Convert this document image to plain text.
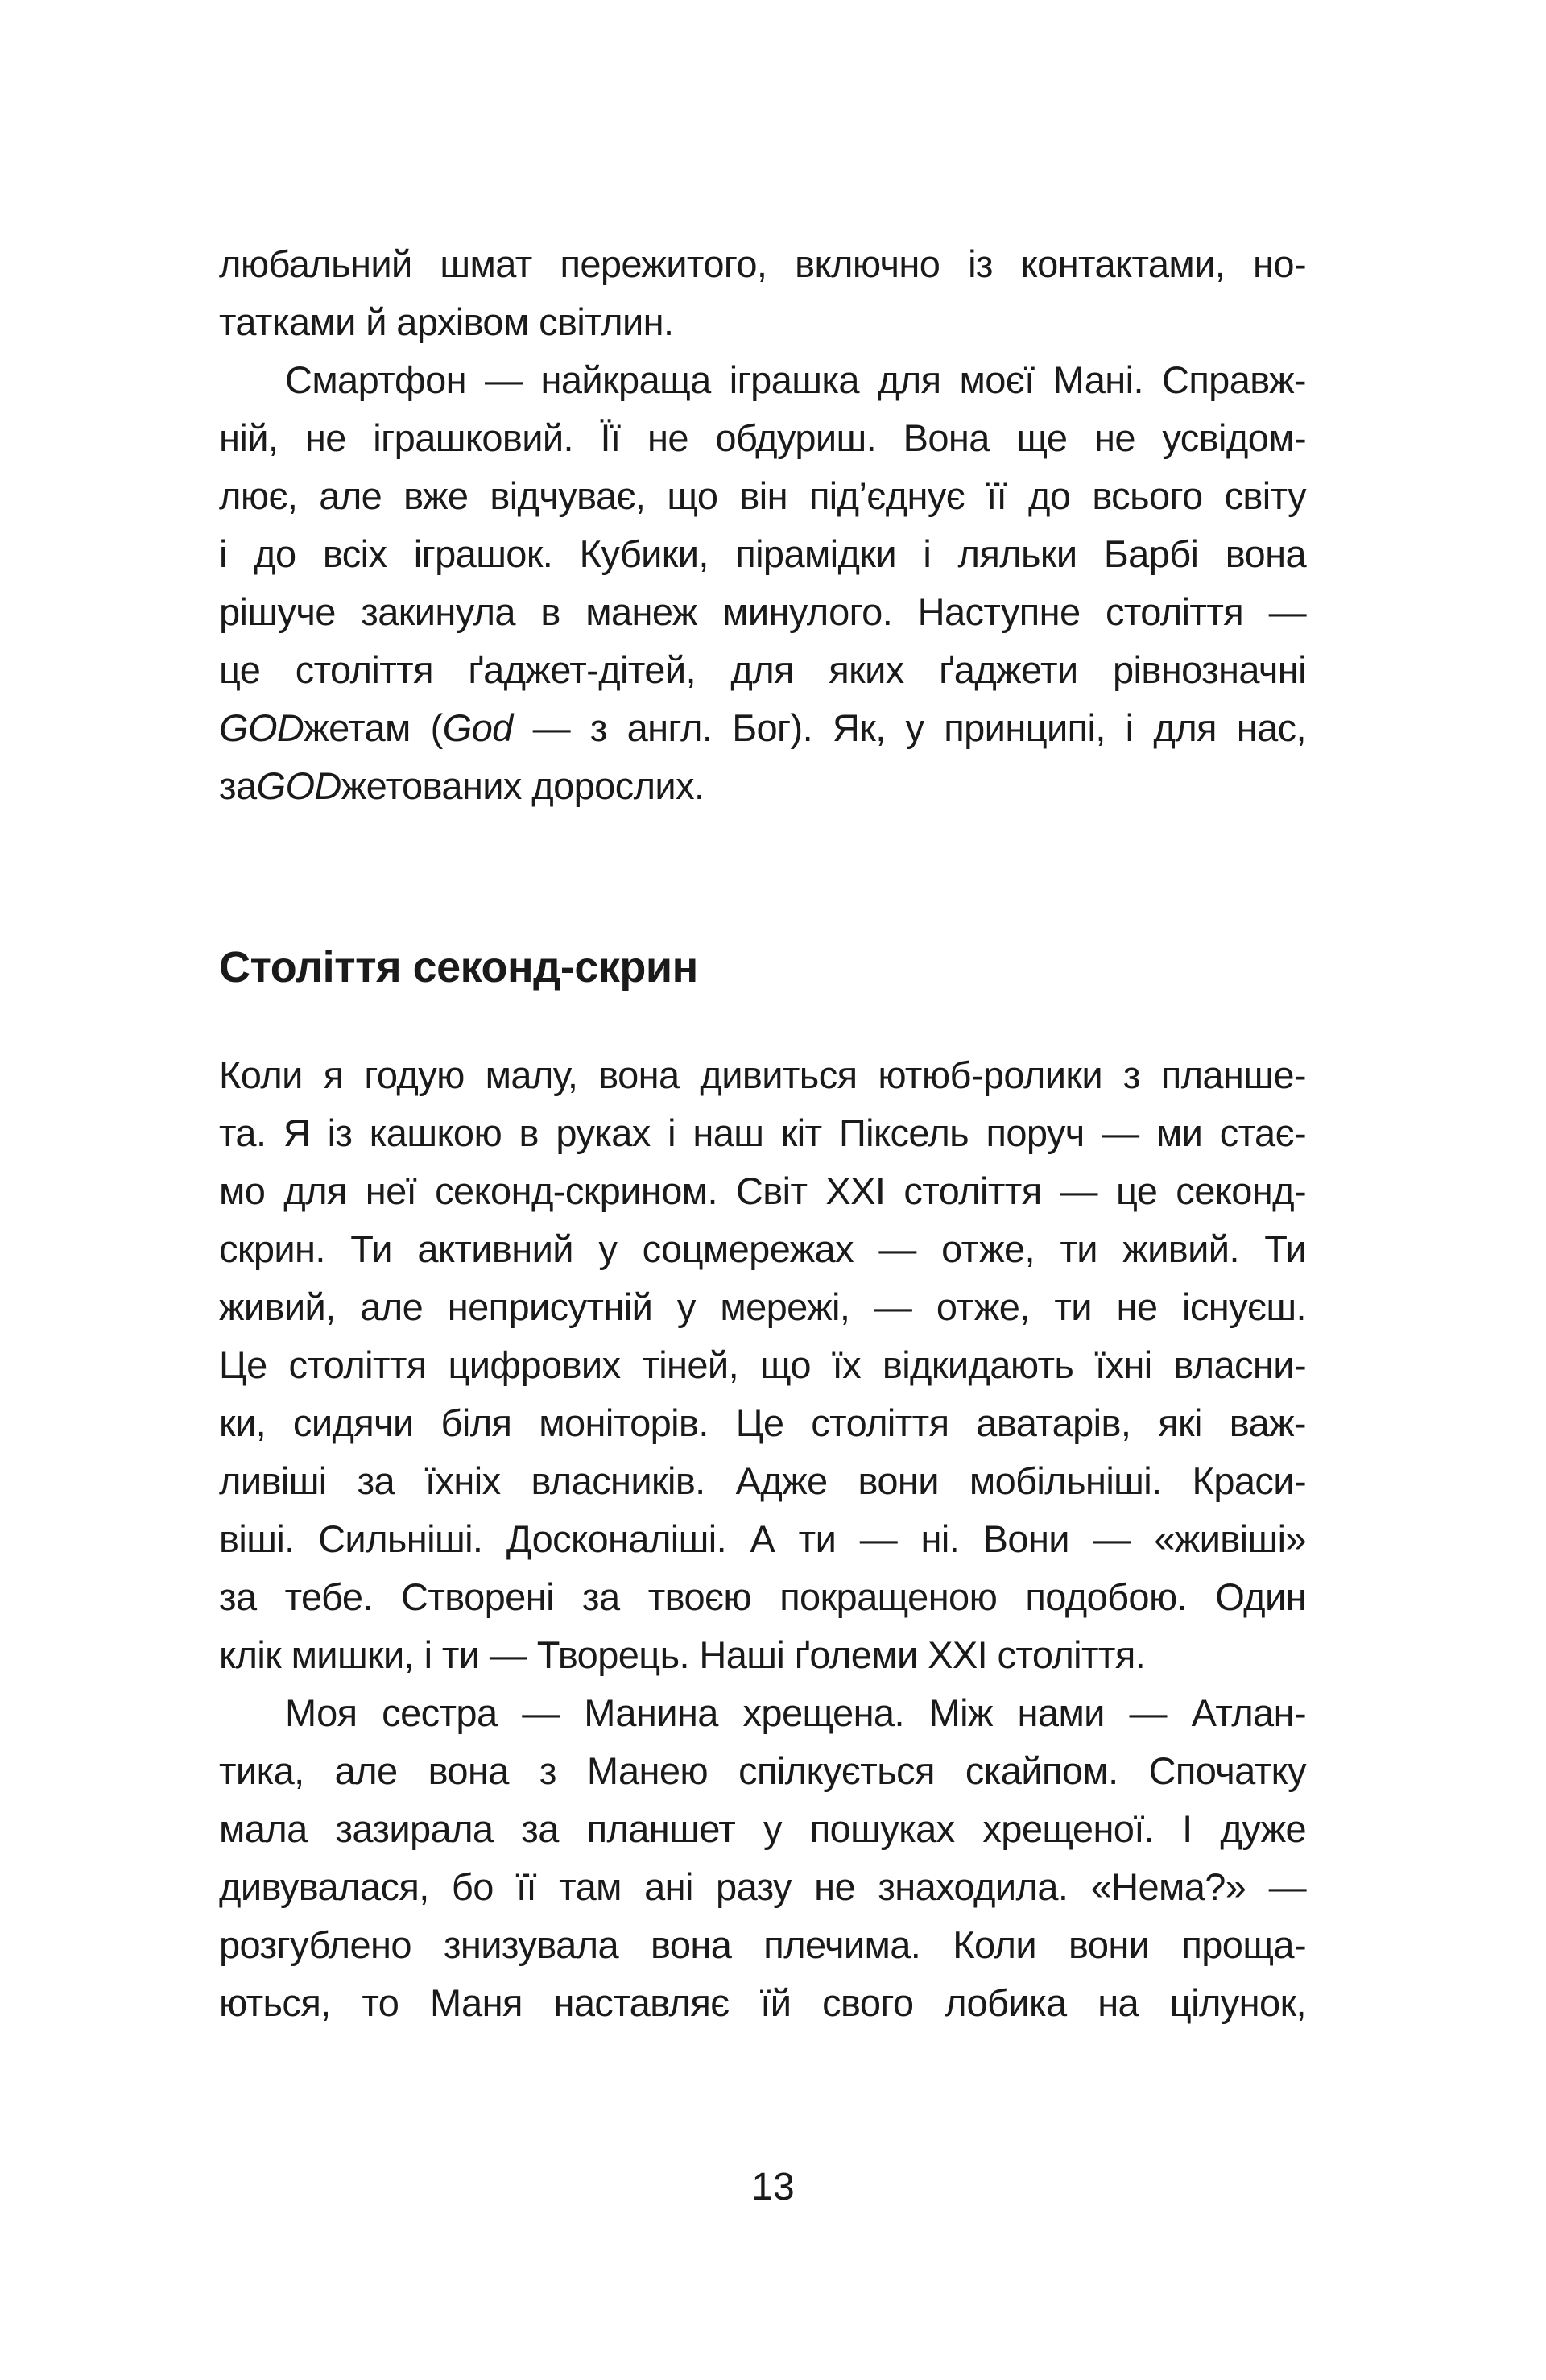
любальний шмат пережитого, включно із контактами, но-
татками й архівом світлин.
Смартфон — найкраща іграшка для моєї Мані. Справж-
ній, не іграшковий. Її не обдуриш. Вона ще не усвідом-
лює, але вже відчуває, що він під’єднує її до всього світу
і до всіх іграшок. Кубики, пірамідки і ляльки Барбі вона
рішуче закинула в манеж минулого. Наступне століття —
це століття ґаджет-дітей, для яких ґаджети рівнозначні
GODжетам (God — з англ. Бог). Як, у принципі, і для нас,
заGODжетованих дорослих.
Століття секонд-скрин
Коли я годую малу, вона дивиться ютюб-ролики з планше-
та. Я із кашкою в руках і наш кіт Піксель поруч — ми стає-
мо для неї секонд-скрином. Світ ХХІ століття — це секонд-
скрин. Ти активний у соцмережах — отже, ти живий. Ти
живий, але неприсутній у мережі, — отже, ти не існуєш.
Це століття цифрових тіней, що їх відкидають їхні власни-
ки, сидячи біля моніторів. Це століття аватарів, які важ-
ливіші за їхніх власників. Адже вони мобільніші. Краси-
віші. Сильніші. Досконаліші. А ти — ні. Вони — «живіші»
за тебе. Створені за твоєю покращеною подобою. Один
клік мишки, і ти — Творець. Наші ґолеми ХХІ століття.
Моя сестра — Манина хрещена. Між нами — Атлан-
тика, але вона з Манею спілкується скайпом. Спочатку
мала зазирала за планшет у пошуках хрещеної. І дуже
дивувалася, бо її там ані разу не знаходила. «Нема?» —
розгублено знизувала вона плечима. Коли вони проща-
ються, то Маня наставляє їй свого лобика на цілунок,
13
